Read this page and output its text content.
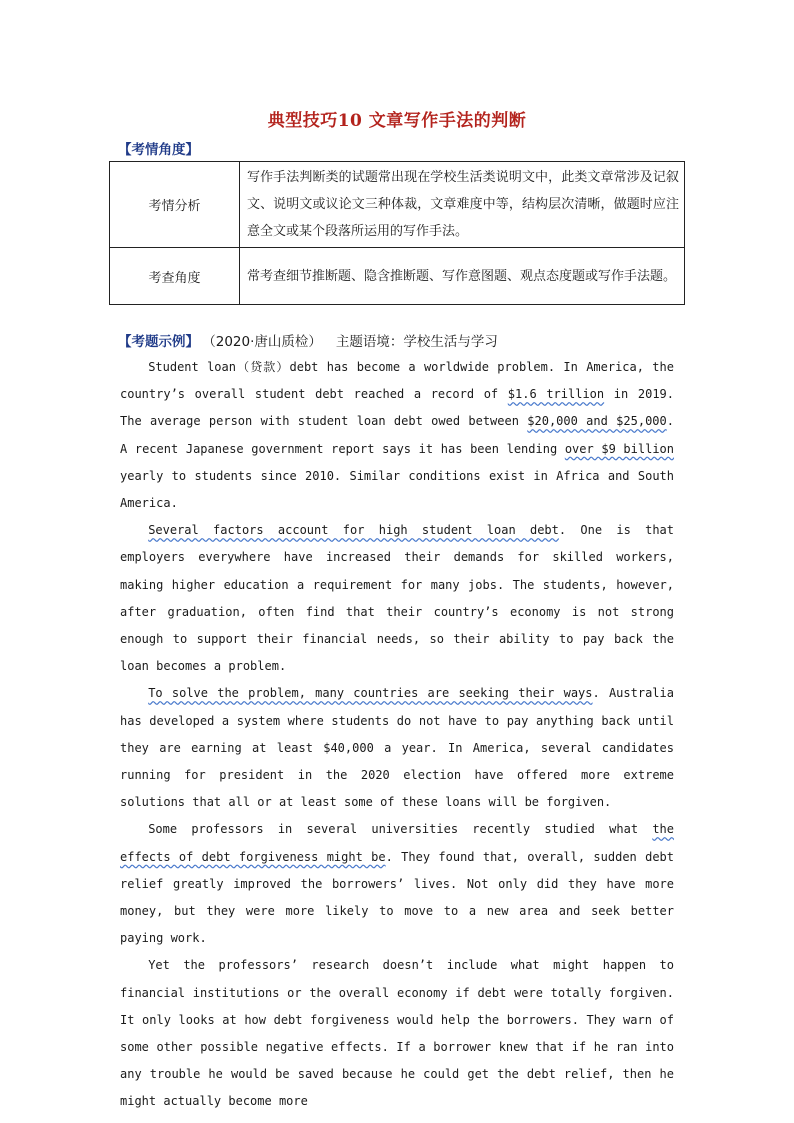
典型技巧10 文章写作手法的判断
【考情角度】
考情分析	写作手法判断类的试题常出现在学校生活类说明文中，此类文章常涉及记叙文、说明文或议论文三种体裁，文章难度中等，结构层次清晰，做题时应注意全文或某个段落所运用的写作手法。
考查角度	常考查细节推断题、隐含推断题、写作意图题、观点态度题或写作手法题。
【考题示例】 （2020·唐山质检） 主题语境：学校生活与学习

Student loan（贷款）debt has become a worldwide problem. In America, the country’s overall student debt reached a record of $1.6 trillion in 2019. The average person with student loan debt owed between $20,000 and $25,000. A recent Japanese government report says it has been lending over $9 billion yearly to students since 2010. Similar conditions exist in Africa and South America.

Several factors account for high student loan debt. One is that employers everywhere have increased their demands for skilled workers, making higher education a requirement for many jobs. The students, however, after graduation, often find that their country’s economy is not strong enough to support their financial needs, so their ability to pay back the loan becomes a problem.

To solve the problem, many countries are seeking their ways. Australia has developed a system where students do not have to pay anything back until they are earning at least $40,000 a year. In America, several candidates running for president in the 2020 election have offered more extreme solutions that all or at least some of these loans will be forgiven.

Some professors in several universities recently studied what the effects of debt forgiveness might be. They found that, overall, sudden debt relief greatly improved the borrowers’ lives. Not only did they have more money, but they were more likely to move to a new area and seek better paying work.

Yet the professors’ research doesn’t include what might happen to financial institutions or the overall economy if debt were totally forgiven. It only looks at how debt forgiveness would help the borrowers. They warn of some other possible negative effects. If a borrower knew that if he ran into any trouble he would be saved because he could get the debt relief, then he might actually become more
